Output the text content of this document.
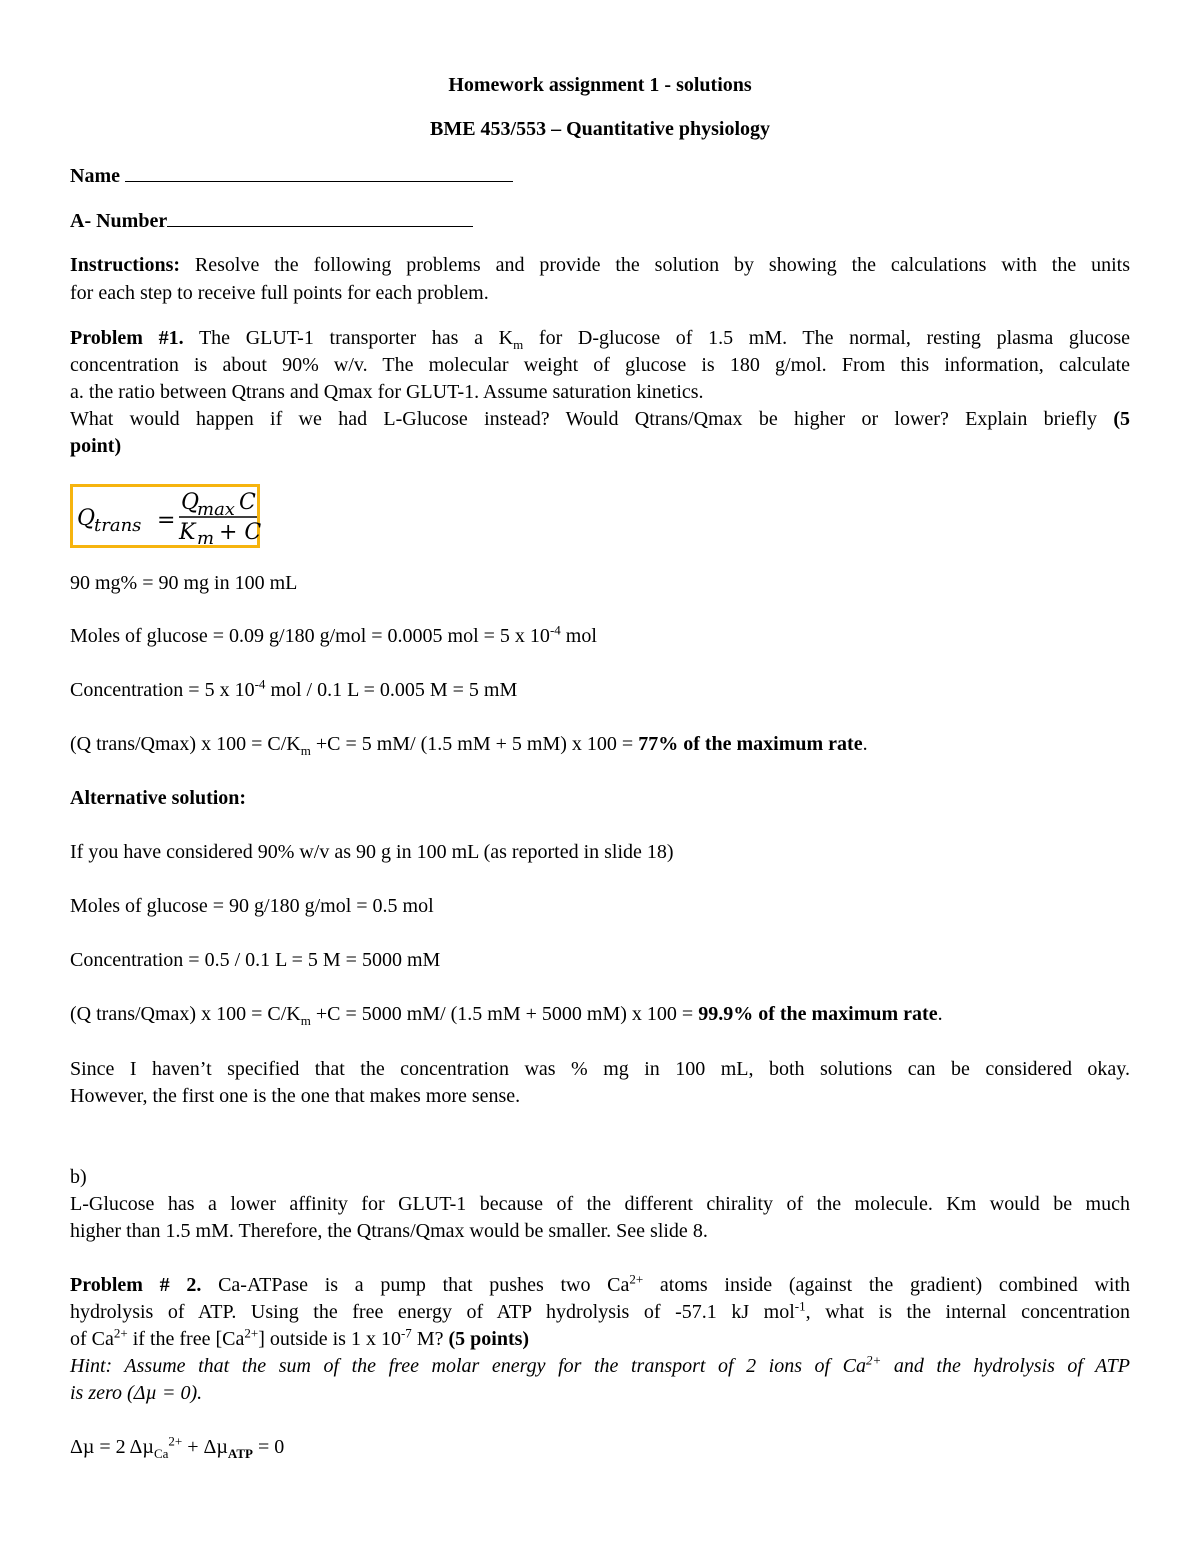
Homework assignment 1 - solutions
BME 453/553 – Quantitative physiology
Name
A- Number
Instructions: Resolve the following problems and provide the solution by showing the calculations with the units
for each step to receive full points for each problem.
Problem #1. The GLUT-1 transporter has a $K_m$ for D-glucose of 1.5 mM. The normal, resting plasma glucose
concentration is about 90% w/v. The molecular weight of glucose is 180 g/mol. From this information, calculate
a. the ratio between Qtrans and Qmax for GLUT-1. Assume saturation kinetics.
What would happen if we had L-Glucose instead? Would Qtrans/Qmax be higher or lower? Explain briefly (5
point)
Q
trans =
Q
max C
K m + C
90 mg% = 90 mg in 100 mL
Moles of glucose = 0.09 g/180 g/mol = 0.0005 mol = 5 x $10^{-4}$ mol
Concentration = 5 x $10^{-4}$ mol / 0.1 L = 0.005 M = 5 mM
(Q trans/Qmax) x $100 = C/K_m +C = 5$ mM/ (1.5 mM + 5 mM) x 100 = 77% of the maximum rate.
Alternative solution:
If you have considered 90% w/v as 90 g in 100 mL (as reported in slide 18)
Moles of glucose = 90 g/180 g/mol = 0.5 mol
Concentration = 0.5 / 0.1 L = 5 M = 5000 mM
(Q trans/Qmax) x $100 = C/K_m +C = 5000$ mM/ (1.5 mM + 5000 mM) x 100 = 99.9% of the maximum rate.
Since I haven’t specified that the concentration was % mg in 100 mL, both solutions can be considered okay.
However, the first one is the one that makes more sense.
b)
L-Glucose has a lower affinity for GLUT-1 because of the different chirality of the molecule. Km would be much
higher than 1.5 mM. Therefore, the Qtrans/Qmax would be smaller. See slide 8.
Problem # 2. Ca-ATPase is a pump that pushes two $Ca^{2+}$ atoms inside (against the gradient) combined with
hydrolysis of ATP. Using the free energy of ATP hydrolysis of -57.1 kJ mol$^{-1}$, what is the internal concentration
of $Ca^{2+}$ if the free $[Ca^{2+}]$ outside is 1 x $10^{-7}$ M? (5 points)
Hint: Assume that the sum of the free molar energy for the transport of 2 ions of $Ca^{2+}$ and the hydrolysis of ATP
is zero (Δµ = 0).
Δµ = 2 Δµ$_{Ca}^{2+}$ + Δµ$_{ATP}$ = 0
